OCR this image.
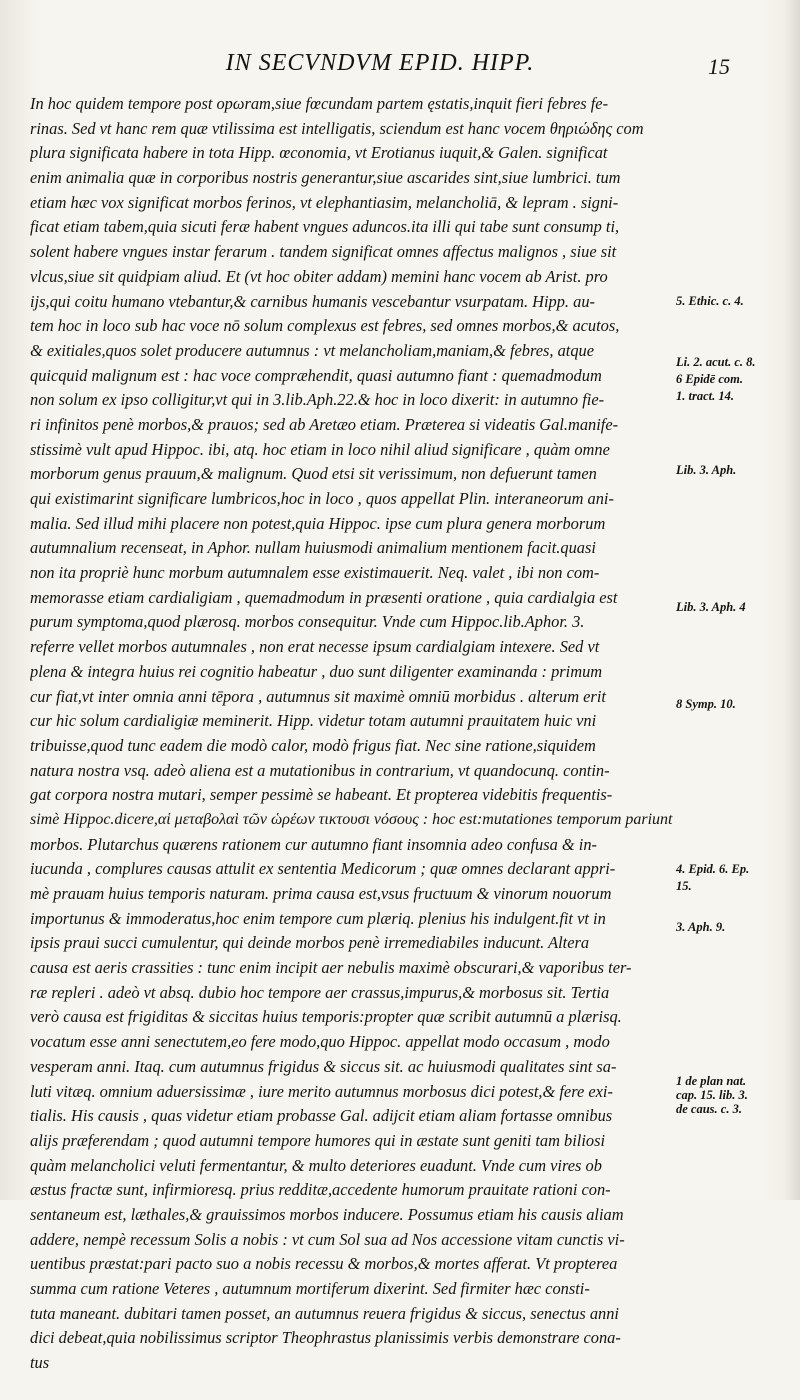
IN SECVNDVM EPID. HIPP.	15
In hoc quidem tempore post opωram,siue fœcundam partem ęstatis,inquit fieri febres fe-
rinas. Sed vt hanc rem quæ vtilissima est intelligatis, sciendum est hanc vocem θηριώδης com
plura significata habere in tota Hipp. œconomia, vt Erotianus iuquit,& Galen. significat
enim animalia quæ in corporibus nostris generantur,siue ascarides sint,siue lumbrici. tum
etiam hæc vox significat morbos ferinos, vt elephantiasim, melancholiā, & lepram . signi-
ficat etiam tabem,quia sicuti feræ habent vngues aduncos.ita illi qui tabe sunt consump ti,
solent habere vngues instar ferarum . tandem significat omnes affectus malignos , siue sit
vlcus,siue sit quidpiam aliud. Et (vt hoc obiter addam) memini hanc vocem ab Arist. pro
ijs,qui coitu humano vtebantur,& carnibus humanis vescebantur vsurpatam. Hipp. au-
tem hoc in loco sub hac voce nō solum complexus est febres, sed omnes morbos,& acutos,
& exitiales,quos solet producere autumnus : vt melancholiam,maniam,& febres, atque
quicquid malignum est : hac voce compræhendit, quasi autumno fiant : quemadmodum
non solum ex ipso colligitur,vt qui in 3.lib.Aph.22.& hoc in loco dixerit: in autumno fie-
ri infinitos penè morbos,& prauos; sed ab Aretæo etiam. Præterea si videatis Gal.manife-
stissimè vult apud Hippoc. ibi, atq. hoc etiam in loco nihil aliud significare , quàm omne
morborum genus prauum,& malignum. Quod etsi sit verissimum, non defuerunt tamen
qui existimarint significare lumbricos,hoc in loco , quos appellat Plin. interaneorum ani-
malia. Sed illud mihi placere non potest,quia Hippoc. ipse cum plura genera morborum
autumnalium recenseat, in Aphor. nullam huiusmodi animalium mentionem facit.quasi
non ita propriè hunc morbum autumnalem esse existimauerit. Neq. valet , ibi non com-
memorasse etiam cardialigiam , quemadmodum in præsenti oratione , quia cardialgia est
purum symptoma,quod plærosq. morbos consequitur. Vnde cum Hippoc.lib.Aphor. 3.
referre vellet morbos autumnales , non erat necesse ipsum cardialgiam intexere. Sed vt
plena & integra huius rei cognitio habeatur , duo sunt diligenter examinanda : primum
cur fiat,vt inter omnia anni tēpora , autumnus sit maximè omniū morbidus . alterum erit
cur hic solum cardialigiæ meminerit. Hipp. videtur totam autumni prauitatem huic vni
tribuisse,quod tunc eadem die modò calor, modò frigus fiat. Nec sine ratione,siquidem
natura nostra vsq. adeò aliena est a mutationibus in contrarium, vt quandocunq. contin-
gat corpora nostra mutari, semper pessimè se habeant. Et propterea videbitis frequentis-
simè Hippoc.dicere,αἱ μεταβολαὶ τῶν ὡρέων τικτουσι νόσους : hoc est:mutationes temporum pariunt
morbos. Plutarchus quærens rationem cur autumno fiant insomnia adeo confusa & in-
iucunda , complures causas attulit ex sententia Medicorum ; quæ omnes declarant appri-
mè prauam huius temporis naturam. prima causa est,vsus fructuum & vinorum nouorum
importunus & immoderatus,hoc enim tempore cum plæriq. plenius his indulgent.fit vt in
ipsis praui succi cumulentur, qui deinde morbos penè irremediabiles inducunt. Altera
causa est aeris crassities : tunc enim incipit aer nebulis maximè obscurari,& vaporibus ter-
ræ repleri . adeò vt absq. dubio hoc tempore aer crassus,impurus,& morbosus sit. Tertia
verò causa est frigiditas & siccitas huius temporis:propter quæ scribit autumnū a plærisq.
vocatum esse anni senectutem,eo fere modo,quo Hippoc. appellat modo occasum , modo
vesperam anni. Itaq. cum autumnus frigidus & siccus sit. ac huiusmodi qualitates sint sa-
luti vitæq. omnium aduersissimæ , iure merito autumnus morbosus dici potest,& fere exi-
tialis. His causis , quas videtur etiam probasse Gal. adijcit etiam aliam fortasse omnibus
alijs præferendam ; quod autumni tempore humores qui in æstate sunt geniti tam biliosi
quàm melancholici veluti fermentantur, & multo deteriores euadunt. Vnde cum vires ob
æstus fractæ sunt, infirmioresq. prius redditæ,accedente humorum prauitate rationi con-
sentaneum est, læthales,& grauissimos morbos inducere. Possumus etiam his causis aliam
addere, nempè recessum Solis a nobis : vt cum Sol sua ad Nos accessione vitam cunctis vi-
uentibus præstat:pari pacto suo a nobis recessu & morbos,& mortes afferat. Vt propterea
summa cum ratione Veteres , autumnum mortiferum dixerint. Sed firmiter hæc consti-
tuta maneant. dubitari tamen posset, an autumnus reuera frigidus & siccus, senectus anni
dici debeat,quia nobilissimus scriptor Theophrastus planissimis verbis demonstrare cona-
tus
5. Ethic. c. 4.
Li. 2. acut. c. 8.
6 Epidē com.
1. tract. 14.
Lib. 3. Aph.
Lib. 3. Aph. 4
8 Symp. 10.
4. Epid. 6. Ep.
15.
3. Aph. 9.
1 de plan nat.
cap. 15. lib. 3.
de caus. c. 3.
